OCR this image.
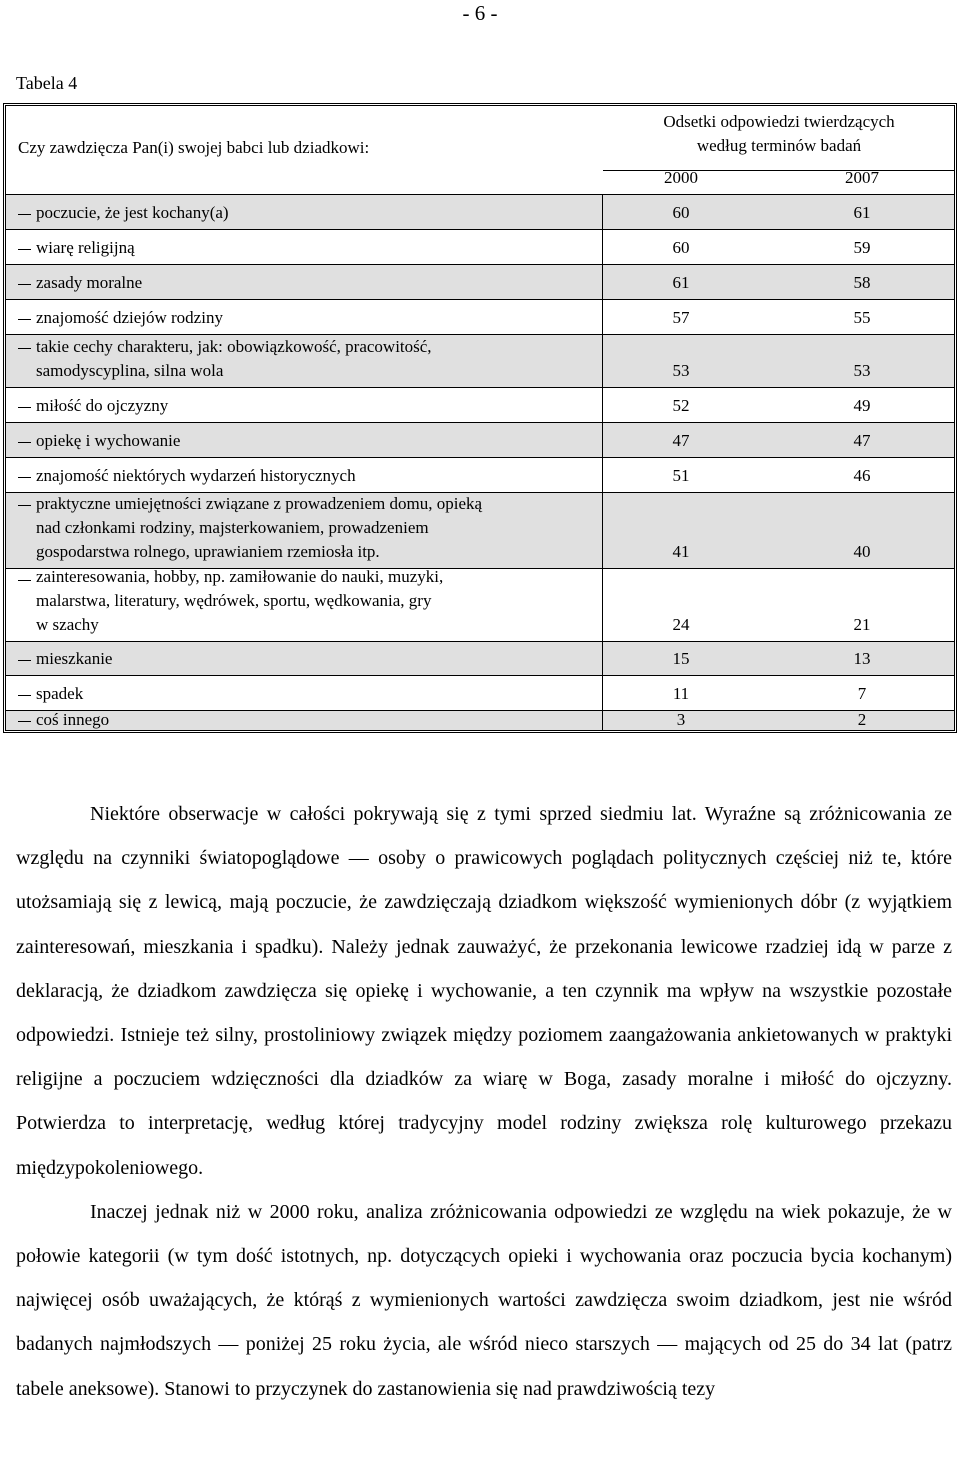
- 6 -
Tabela 4
Czy zawdzięcza Pan(i) swojej babci lub dziadkowi:
Odsetki odpowiedzi twierdzących
według terminów badań
2000	2007
poczucie, że jest kochany(a)	60	61
wiarę religijną	60	59
zasady moralne	61	58
znajomość dziejów rodziny	57	55
takie cechy charakteru, jak: obowiązkowość, pracowitość,
samodyscyplina, silna wola	53	53
miłość do ojczyzny	52	49
opiekę i wychowanie	47	47
znajomość niektórych wydarzeń historycznych	51	46
praktyczne umiejętności związane z prowadzeniem domu, opieką
nad członkami rodziny, majsterkowaniem, prowadzeniem
gospodarstwa rolnego, uprawianiem rzemiosła itp.	41	40
zainteresowania, hobby, np. zamiłowanie do nauki, muzyki,
malarstwa, literatury, wędrówek, sportu, wędkowania, gry
w szachy	24	21
mieszkanie	15	13
spadek	11	7
coś innego	3	2

Niektóre obserwacje w całości pokrywają się z tymi sprzed siedmiu lat. Wyraźne są zróżnicowania ze względu na czynniki światopoglądowe — osoby o prawicowych poglądach politycznych częściej niż te, które utożsamiają się z lewicą, mają poczucie, że zawdzięczają dziadkom większość wymienionych dóbr (z wyjątkiem zainteresowań, mieszkania i spadku). Należy jednak zauważyć, że przekonania lewicowe rzadziej idą w parze z deklaracją, że dziadkom zawdzięcza się opiekę i wychowanie, a ten czynnik ma wpływ na wszystkie pozostałe odpowiedzi. Istnieje też silny, prostoliniowy związek między poziomem zaangażowania ankietowanych w praktyki religijne a poczuciem wdzięczności dla dziadków za wiarę w Boga, zasady moralne i miłość do ojczyzny. Potwierdza to interpretację, według której tradycyjny model rodziny zwiększa rolę kulturowego przekazu międzypokoleniowego.

Inaczej jednak niż w 2000 roku, analiza zróżnicowania odpowiedzi ze względu na wiek pokazuje, że w połowie kategorii (w tym dość istotnych, np. dotyczących opieki i wychowania oraz poczucia bycia kochanym) najwięcej osób uważających, że którąś z wymienionych wartości zawdzięcza swoim dziadkom, jest nie wśród badanych najmłodszych — poniżej 25 roku życia, ale wśród nieco starszych — mających od 25 do 34 lat (patrz tabele aneksowe). Stanowi to przyczynek do zastanowienia się nad prawdziwością tezy
